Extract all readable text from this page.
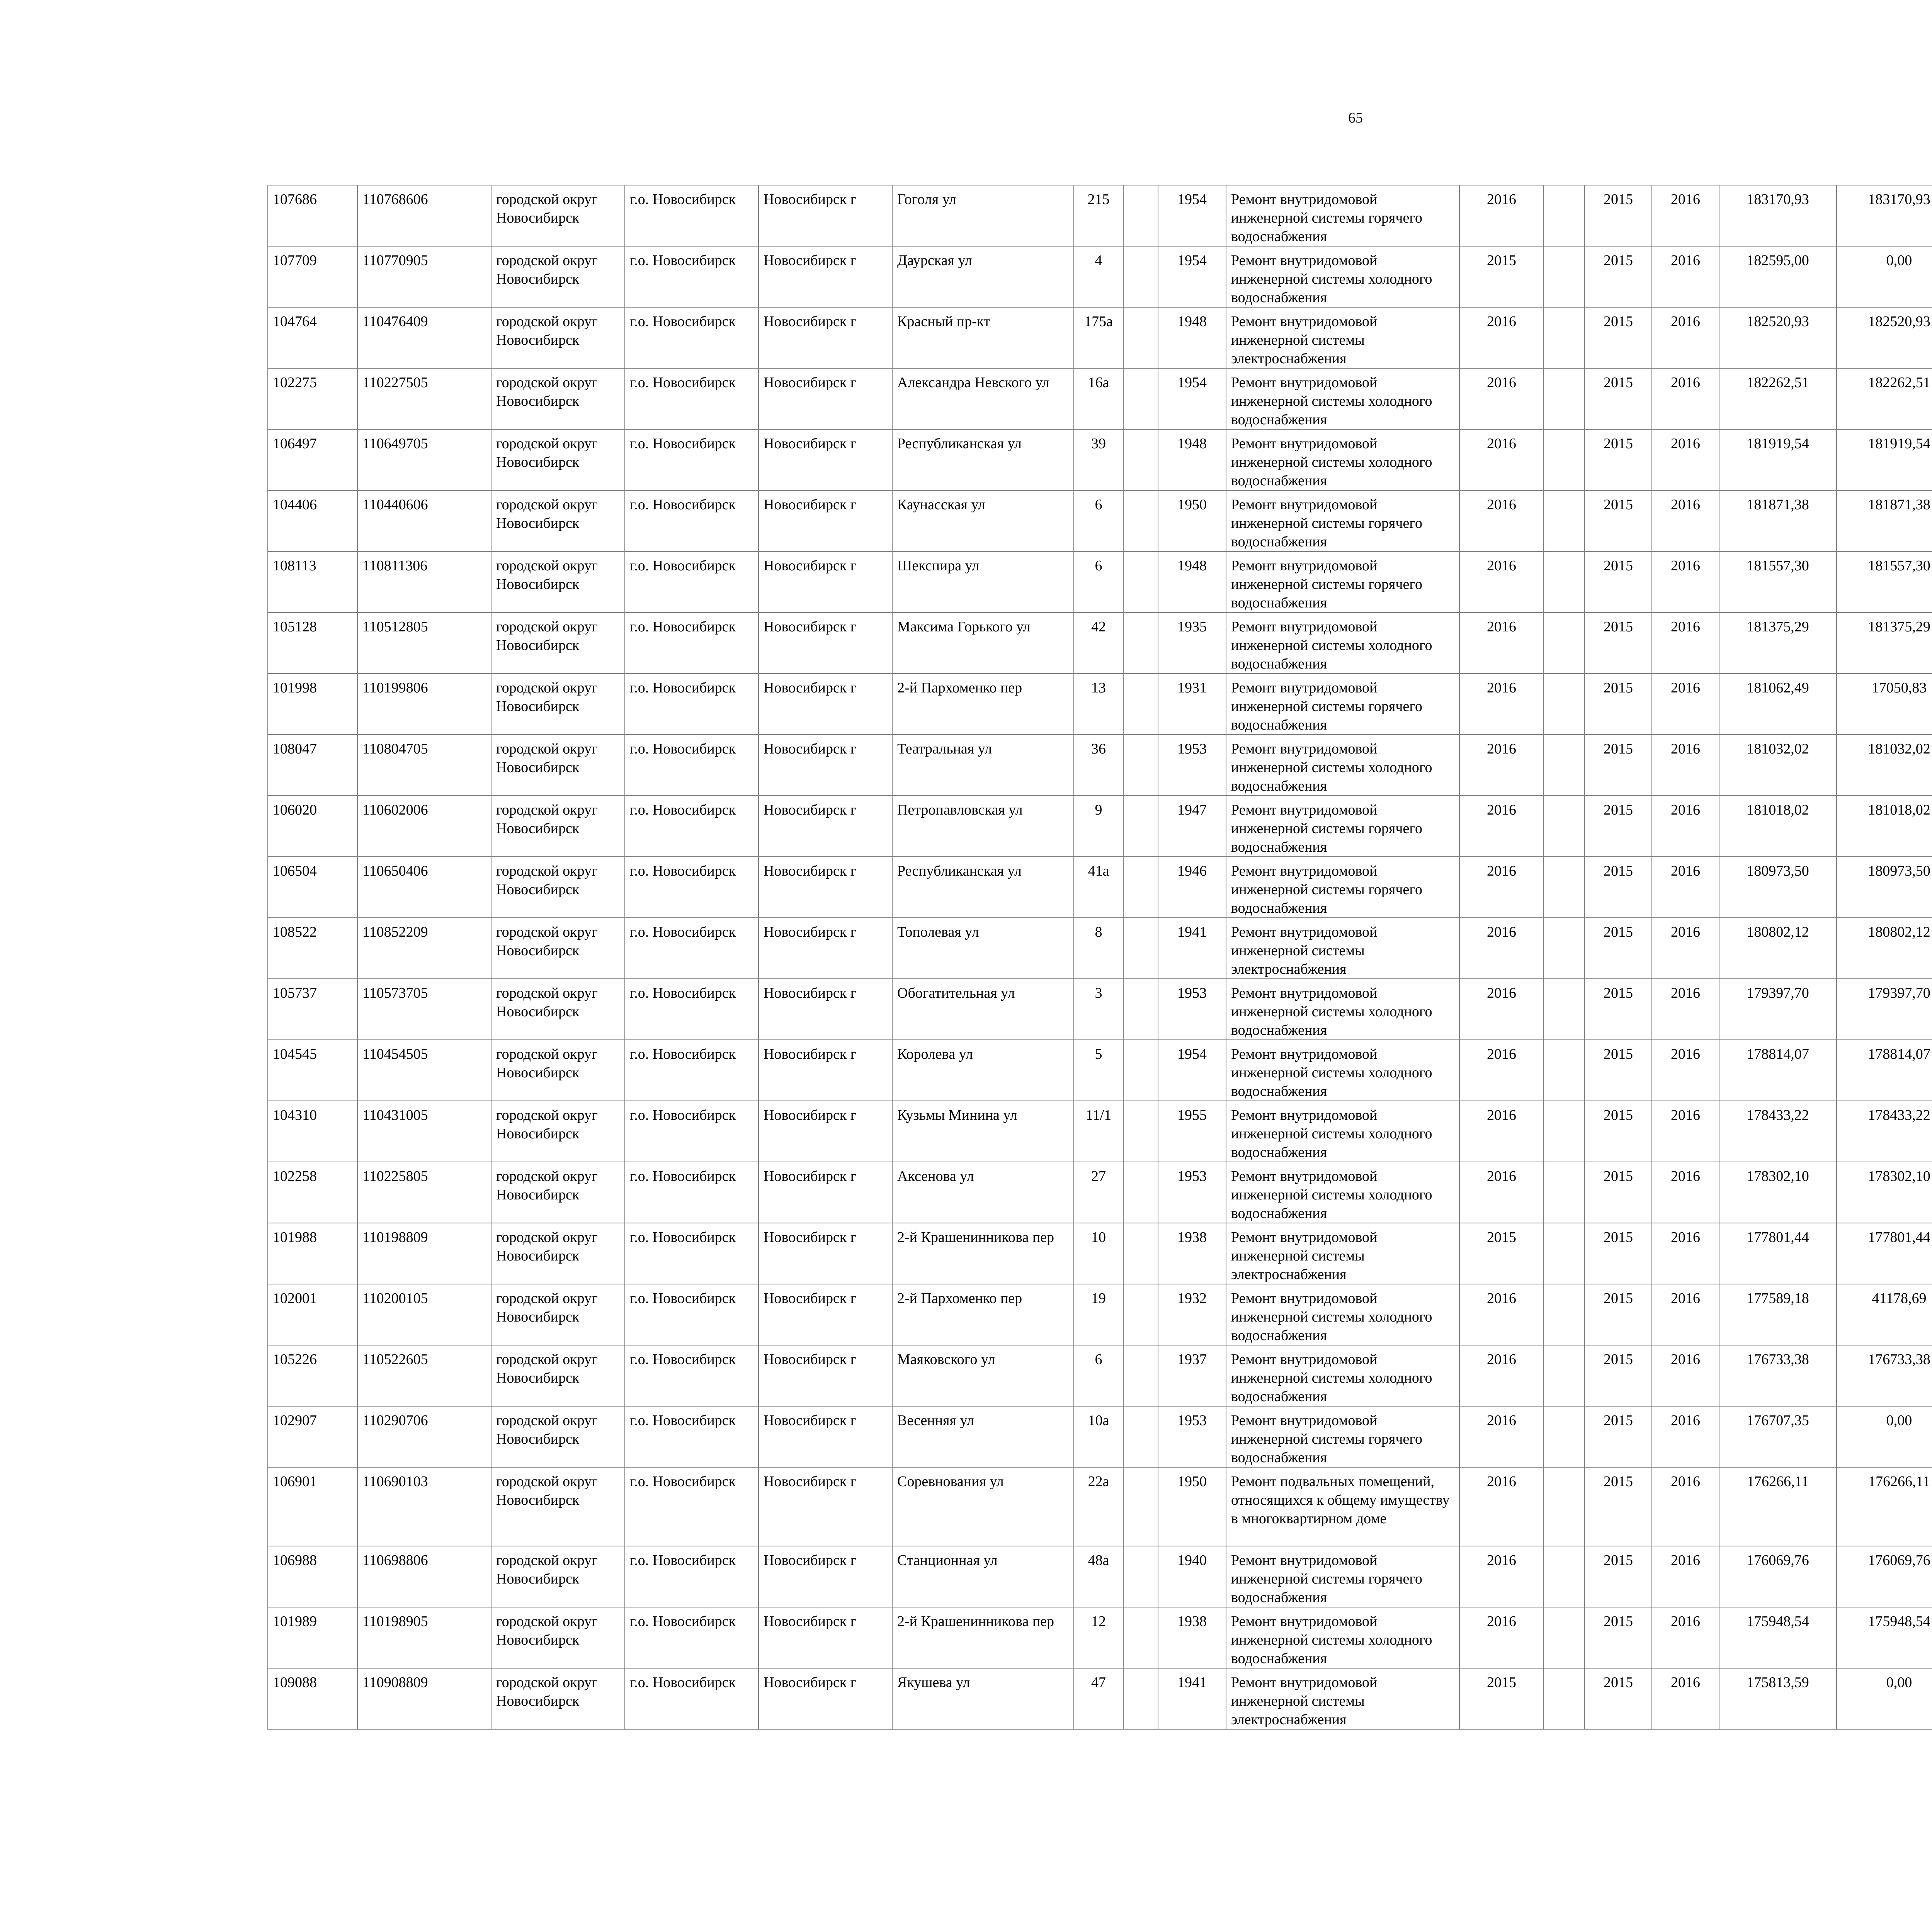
65
107686	110768606	городской округ Новосибирск	г.о. Новосибирск	Новосибирск г	Гоголя ул	215		1954	Ремонт внутридомовой инженерной системы горячего водоснабжения	2016		2015	2016	183170,93	183170,93						
107709	110770905	городской округ Новосибирск	г.о. Новосибирск	Новосибирск г	Даурская ул	4		1954	Ремонт внутридомовой инженерной системы холодного водоснабжения	2015		2015	2016	182595,00	0,00						
104764	110476409	городской округ Новосибирск	г.о. Новосибирск	Новосибирск г	Красный пр-кт	175а		1948	Ремонт внутридомовой инженерной системы электроснабжения	2016		2015	2016	182520,93	182520,93						
102275	110227505	городской округ Новосибирск	г.о. Новосибирск	Новосибирск г	Александра Невского ул	16а		1954	Ремонт внутридомовой инженерной системы холодного водоснабжения	2016		2015	2016	182262,51	182262,51						
106497	110649705	городской округ Новосибирск	г.о. Новосибирск	Новосибирск г	Республиканская ул	39		1948	Ремонт внутридомовой инженерной системы холодного водоснабжения	2016		2015	2016	181919,54	181919,54						
104406	110440606	городской округ Новосибирск	г.о. Новосибирск	Новосибирск г	Каунасская ул	6		1950	Ремонт внутридомовой инженерной системы горячего водоснабжения	2016		2015	2016	181871,38	181871,38						
108113	110811306	городской округ Новосибирск	г.о. Новосибирск	Новосибирск г	Шекспира ул	6		1948	Ремонт внутридомовой инженерной системы горячего водоснабжения	2016		2015	2016	181557,30	181557,30						
105128	110512805	городской округ Новосибирск	г.о. Новосибирск	Новосибирск г	Максима Горького ул	42		1935	Ремонт внутридомовой инженерной системы холодного водоснабжения	2016		2015	2016	181375,29	181375,29						
101998	110199806	городской округ Новосибирск	г.о. Новосибирск	Новосибирск г	2-й Пархоменко пер	13		1931	Ремонт внутридомовой инженерной системы горячего водоснабжения	2016		2015	2016	181062,49	17050,83						
108047	110804705	городской округ Новосибирск	г.о. Новосибирск	Новосибирск г	Театральная ул	36		1953	Ремонт внутридомовой инженерной системы холодного водоснабжения	2016		2015	2016	181032,02	181032,02						
106020	110602006	городской округ Новосибирск	г.о. Новосибирск	Новосибирск г	Петропавловская ул	9		1947	Ремонт внутридомовой инженерной системы горячего водоснабжения	2016		2015	2016	181018,02	181018,02						
106504	110650406	городской округ Новосибирск	г.о. Новосибирск	Новосибирск г	Республиканская ул	41а		1946	Ремонт внутридомовой инженерной системы горячего водоснабжения	2016		2015	2016	180973,50	180973,50						
108522	110852209	городской округ Новосибирск	г.о. Новосибирск	Новосибирск г	Тополевая ул	8		1941	Ремонт внутридомовой инженерной системы электроснабжения	2016		2015	2016	180802,12	180802,12						
105737	110573705	городской округ Новосибирск	г.о. Новосибирск	Новосибирск г	Обогатительная ул	3		1953	Ремонт внутридомовой инженерной системы холодного водоснабжения	2016		2015	2016	179397,70	179397,70						
104545	110454505	городской округ Новосибирск	г.о. Новосибирск	Новосибирск г	Королева ул	5		1954	Ремонт внутридомовой инженерной системы холодного водоснабжения	2016		2015	2016	178814,07	178814,07						
104310	110431005	городской округ Новосибирск	г.о. Новосибирск	Новосибирск г	Кузьмы Минина ул	11/1		1955	Ремонт внутридомовой инженерной системы холодного водоснабжения	2016		2015	2016	178433,22	178433,22						
102258	110225805	городской округ Новосибирск	г.о. Новосибирск	Новосибирск г	Аксенова ул	27		1953	Ремонт внутридомовой инженерной системы холодного водоснабжения	2016		2015	2016	178302,10	178302,10						
101988	110198809	городской округ Новосибирск	г.о. Новосибирск	Новосибирск г	2-й Крашенинникова пер	10		1938	Ремонт внутридомовой инженерной системы электроснабжения	2015		2015	2016	177801,44	177801,44						
102001	110200105	городской округ Новосибирск	г.о. Новосибирск	Новосибирск г	2-й Пархоменко пер	19		1932	Ремонт внутридомовой инженерной системы холодного водоснабжения	2016		2015	2016	177589,18	41178,69						
105226	110522605	городской округ Новосибирск	г.о. Новосибирск	Новосибирск г	Маяковского ул	6		1937	Ремонт внутридомовой инженерной системы холодного водоснабжения	2016		2015	2016	176733,38	176733,38						
102907	110290706	городской округ Новосибирск	г.о. Новосибирск	Новосибирск г	Весенняя ул	10а		1953	Ремонт внутридомовой инженерной системы горячего водоснабжения	2016		2015	2016	176707,35	0,00						
106901	110690103	городской округ Новосибирск	г.о. Новосибирск	Новосибирск г	Соревнования ул	22а		1950	Ремонт подвальных помещений, относящихся к общему имуществу в многоквартирном доме	2016		2015	2016	176266,11	176266,11						
106988	110698806	городской округ Новосибирск	г.о. Новосибирск	Новосибирск г	Станционная ул	48а		1940	Ремонт внутридомовой инженерной системы горячего водоснабжения	2016		2015	2016	176069,76	176069,76						
101989	110198905	городской округ Новосибирск	г.о. Новосибирск	Новосибирск г	2-й Крашенинникова пер	12		1938	Ремонт внутридомовой инженерной системы холодного водоснабжения	2016		2015	2016	175948,54	175948,54						
109088	110908809	городской округ Новосибирск	г.о. Новосибирск	Новосибирск г	Якушева ул	47		1941	Ремонт внутридомовой инженерной системы электроснабжения	2015		2015	2016	175813,59	0,00						
